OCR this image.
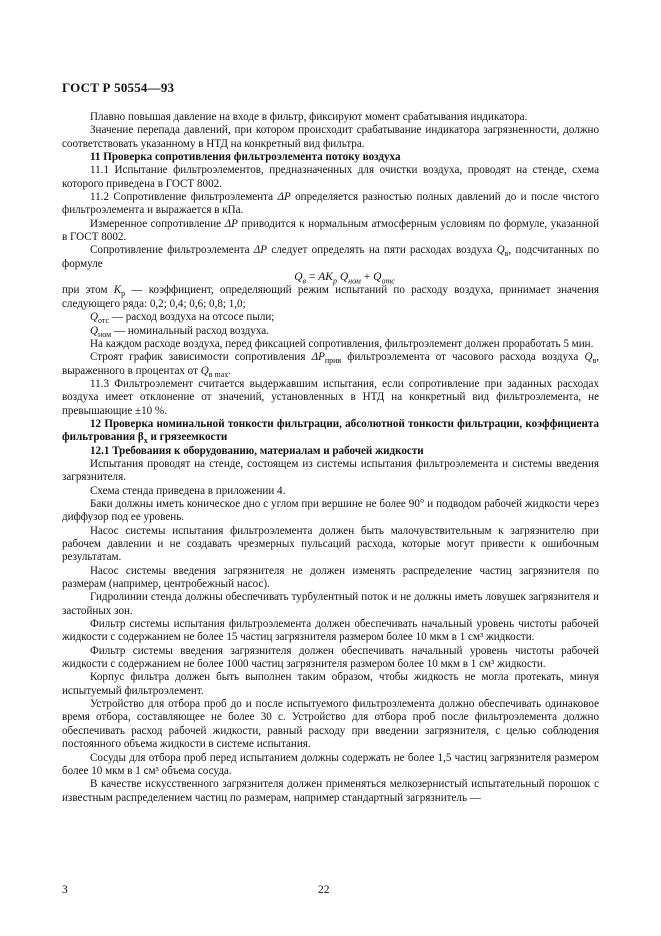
ГОСТ Р 50554—93

Плавно повышая давление на входе в фильтр, фиксируют момент срабатывания индикатора.

Значение перепада давлений, при котором происходит срабатывание индикатора загрязненности, должно соответствовать указанному в НТД на конкретный вид фильтра.

11 Проверка сопротивления фильтроэлемента потоку воздуха

11.1 Испытание фильтроэлементов, предназначенных для очистки воздуха, проводят на стенде, схема которого приведена в ГОСТ 8002.

11.2 Сопротивление фильтроэлемента ΔP определяется разностью полных давлений до и после чистого фильтроэлемента и выражается в кПа.

Измеренное сопротивление ΔP приводится к нормальным атмосферным условиям по формуле, указанной в ГОСТ 8002.

Сопротивление фильтроэлемента ΔP следует определять на пяти расходах воздуха $Q_в$, подсчитанных по формуле

$Q_в = AK_р$ $Q_{ном} + Q_{отс}$

при этом $K_р$ — коэффициент, определяющий режим испытаний по расходу воздуха, принимает значения следующего ряда: 0,2; 0,4; 0,6; 0,8; 1,0;

$Q_{отс}$ — расход воздуха на отсосе пыли;

$Q_{ном}$ — номинальный расход воздуха.

На каждом расходе воздуха, перед фиксацией сопротивления, фильтроэлемент должен проработать 5 мин.

Строят график зависимости сопротивления $\Delta P_{прив}$ фильтроэлемента от часового расхода воздуха $Q_в$, выраженного в процентах от $Q_{в max}$.

11.3 Фильтроэлемент считается выдержавшим испытания, если сопротивление при заданных расходах воздуха имеет отклонение от значений, установленных в НТД на конкретный вид фильтроэлемента, не превышающие ±10 %.

12 Проверка номинальной тонкости фильтрации, абсолютной тонкости фильтрации, коэффициента фильтрования $\beta_x$ и грязеемкости

12.1 Требования к оборудованию, материалам и рабочей жидкости

Испытания проводят на стенде, состоящем из системы испытания фильтроэлемента и системы введения загрязнителя.

Схема стенда приведена в приложении 4.

Баки должны иметь коническое дно с углом при вершине не более 90° и подводом рабочей жидкости через диффузор под ее уровень.

Насос системы испытания фильтроэлемента должен быть малочувствительным к загрязнителю при рабочем давлении и не создавать чрезмерных пульсаций расхода, которые могут привести к ошибочным результатам.

Насос системы введения загрязнителя не должен изменять распределение частиц загрязнителя по размерам (например, центробежный насос).

Гидролинии стенда должны обеспечивать турбулентный поток и не должны иметь ловушек загрязнителя и застойных зон.

Фильтр системы испытания фильтроэлемента должен обеспечивать начальный уровень чистоты рабочей жидкости с содержанием не более 15 частиц загрязнителя размером более 10 мкм в 1 см³ жидкости.

Фильтр системы введения загрязнителя должен обеспечивать начальный уровень чистоты рабочей жидкости с содержанием не более 1000 частиц загрязнителя размером более 10 мкм в 1 см³ жидкости.

Корпус фильтра должен быть выполнен таким образом, чтобы жидкость не могла протекать, минуя испытуемый фильтроэлемент.

Устройство для отбора проб до и после испытуемого фильтроэлемента должно обеспечивать одинаковое время отбора, составляющее не более 30 с. Устройство для отбора проб после фильтроэлемента должно обеспечивать расход рабочей жидкости, равный расходу при введении загрязнителя, с целью соблюдения постоянного объема жидкости в системе испытания.

Сосуды для отбора проб перед испытанием должны содержать не более 1,5 частиц загрязнителя размером более 10 мкм в 1 см³ объема сосуда.

В качестве искусственного загрязнителя должен применяться мелкозернистый испытательный порошок с известным распределением частиц по размерам, например стандартный загрязнитель —

3	22
